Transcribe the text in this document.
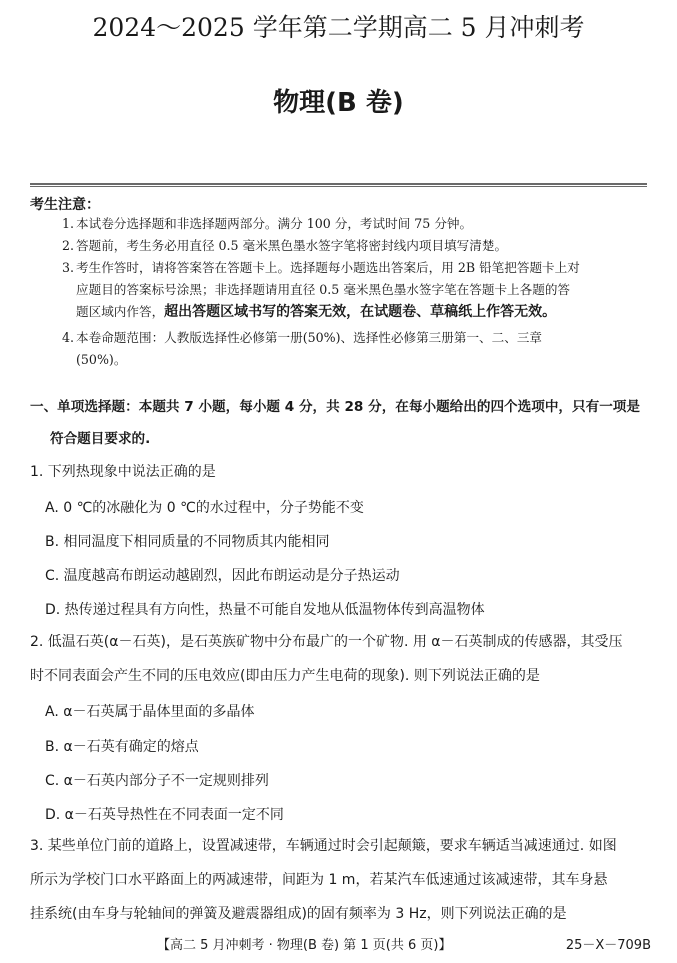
2024～2025 学年第二学期高二 5 月冲刺考
物理(B 卷)
考生注意：
1. 本试卷分选择题和非选择题两部分。满分 100 分，考试时间 75 分钟。
2. 答题前，考生务必用直径 0.5 毫米黑色墨水签字笔将密封线内项目填写清楚。
3. 考生作答时，请将答案答在答题卡上。选择题每小题选出答案后，用 2B 铅笔把答题卡上对
应题目的答案标号涂黑；非选择题请用直径 0.5 毫米黑色墨水签字笔在答题卡上各题的答
题区域内作答，超出答题区域书写的答案无效，在试题卷、草稿纸上作答无效。
4. 本卷命题范围：人教版选择性必修第一册(50%)、选择性必修第三册第一、二、三章
(50%)。
一、单项选择题：本题共 7 小题，每小题 4 分，共 28 分，在每小题给出的四个选项中，只有一项是
符合题目要求的.
1. 下列热现象中说法正确的是
A. 0 ℃的冰融化为 0 ℃的水过程中，分子势能不变
B. 相同温度下相同质量的不同物质其内能相同
C. 温度越高布朗运动越剧烈，因此布朗运动是分子热运动
D. 热传递过程具有方向性，热量不可能自发地从低温物体传到高温物体
2. 低温石英(α－石英)，是石英族矿物中分布最广的一个矿物. 用 α－石英制成的传感器，其受压
时不同表面会产生不同的压电效应(即由压力产生电荷的现象). 则下列说法正确的是
A. α－石英属于晶体里面的多晶体
B. α－石英有确定的熔点
C. α－石英内部分子不一定规则排列
D. α－石英导热性在不同表面一定不同
3. 某些单位门前的道路上，设置减速带，车辆通过时会引起颠簸，要求车辆适当减速通过. 如图
所示为学校门口水平路面上的两减速带，间距为 1 m，若某汽车低速通过该减速带，其车身悬
挂系统(由车身与轮轴间的弹簧及避震器组成)的固有频率为 3 Hz，则下列说法正确的是
【高二 5 月冲刺考 · 物理(B 卷) 第 1 页(共 6 页)】	25－X－709B
